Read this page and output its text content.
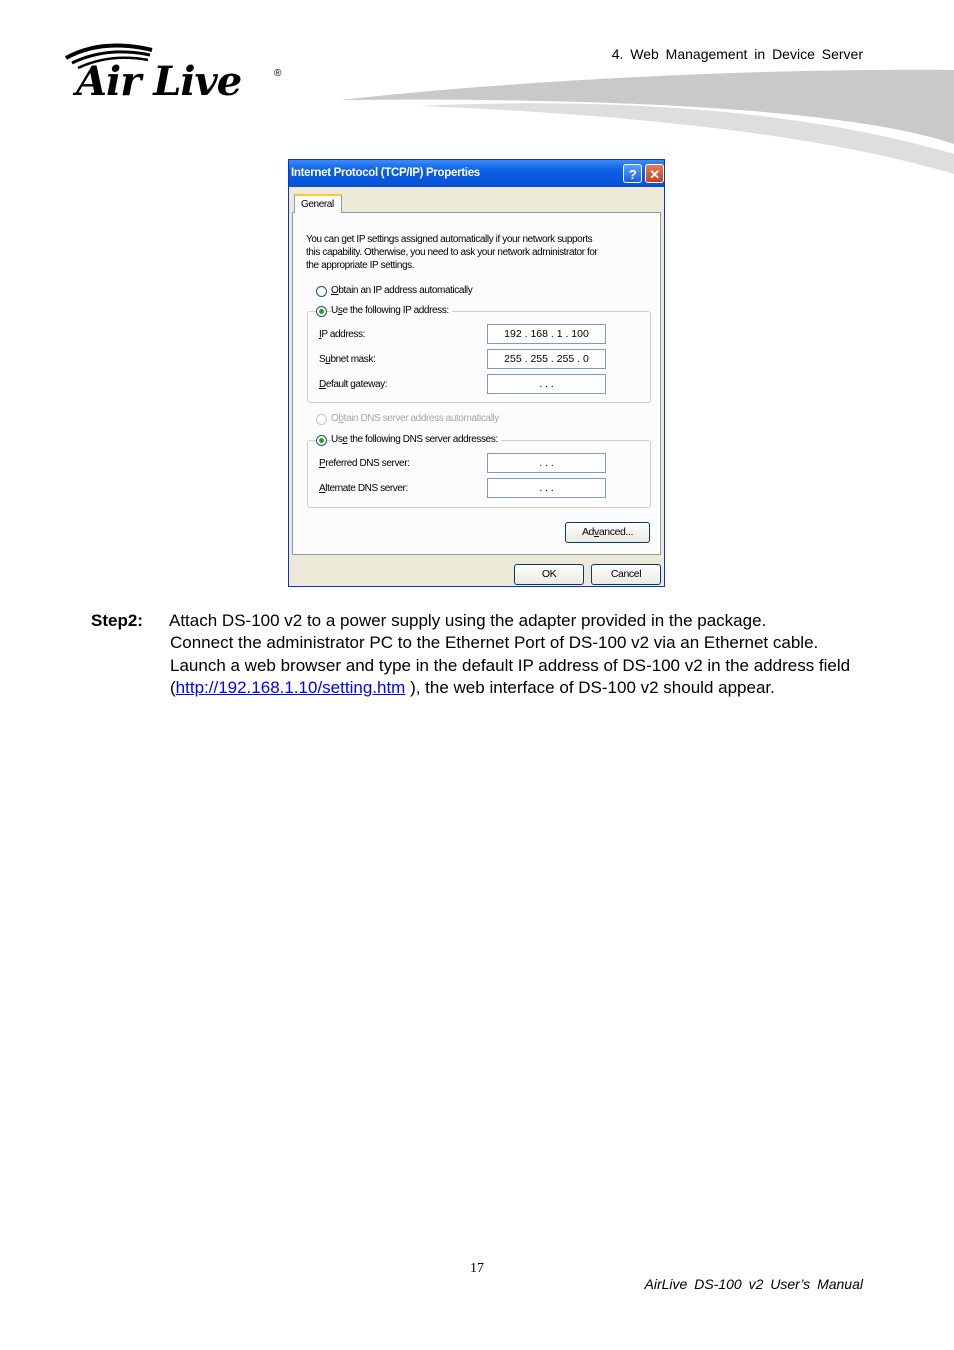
Air Live	®
4. Web Management in Device Server
Internet Protocol (TCP/IP) Properties	? ✕
General
You can get IP settings assigned automatically if your network supports
this capability. Otherwise, you need to ask your network administrator for
the appropriate IP settings.
Obtain an IP address automatically
Use the following IP address:
IP address:	192 . 168 . 1 . 100
Subnet mask:	255 . 255 . 255 . 0
Default gateway:	. . .
Obtain DNS server address automatically
Use the following DNS server addresses:
Preferred DNS server:	. . .
Alternate DNS server:	. . .
Advanced...
OK	Cancel
Step2: Attach DS-100 v2 to a power supply using the adapter provided in the package.
Connect the administrator PC to the Ethernet Port of DS-100 v2 via an Ethernet cable. Launch a web browser and type in the default IP address of DS-100 v2 in the address field (http://192.168.1.10/setting.htm ), the web interface of DS-100 v2 should appear.
17
AirLive DS-100 v2 User’s Manual
